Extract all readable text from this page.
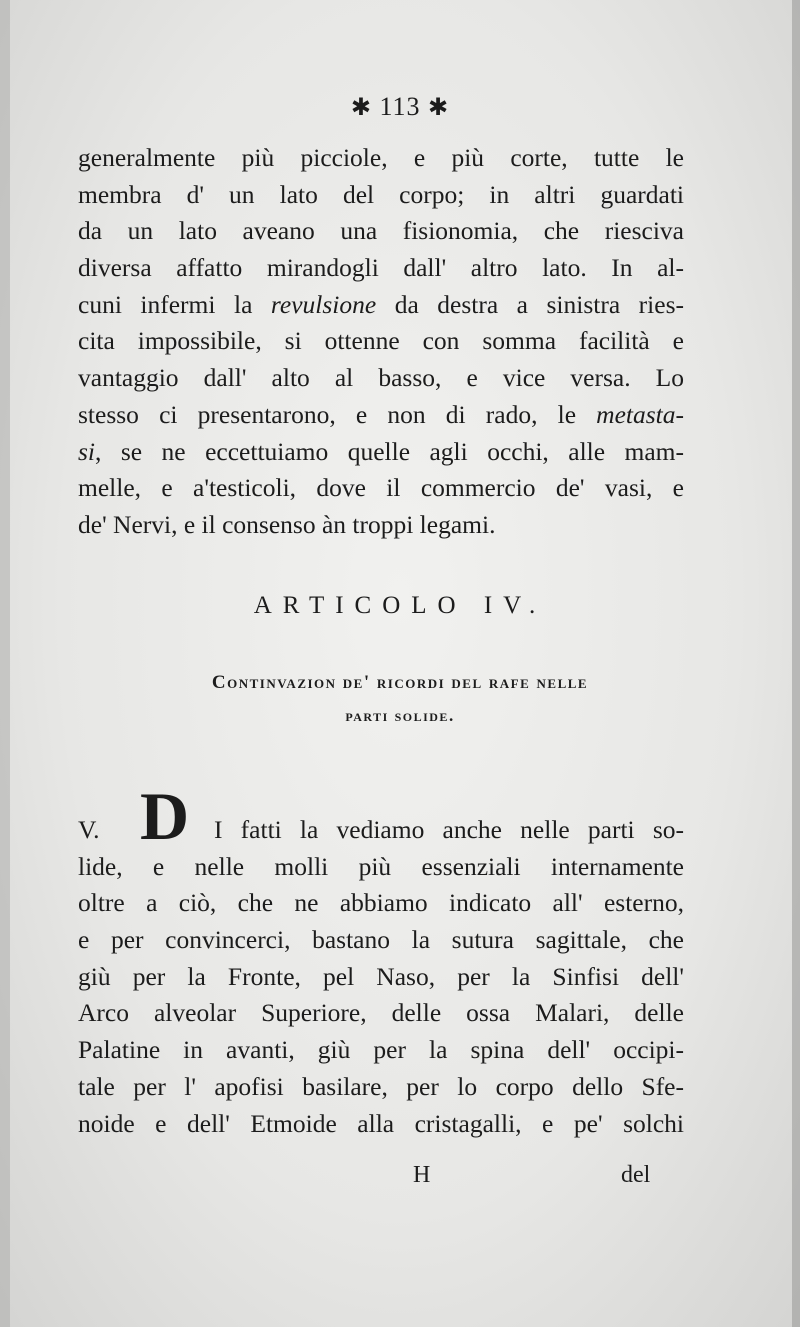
✱ 113 ✱
generalmente più picciole, e più corte, tutte le
membra d' un lato del corpo; in altri guardati
da un lato aveano una fisionomia, che riesciva
diversa affatto mirandogli dall' altro lato. In al-
cuni infermi la revulsione da destra a sinistra ries-
cita impossibile, si ottenne con somma facilità e
vantaggio dall' alto al basso, e vice versa. Lo
stesso ci presentarono, e non di rado, le metasta-
si, se ne eccettuiamo quelle agli occhi, alle mam-
melle, e a'testicoli, dove il commercio de' vasi, e
de' Nervi, e il consenso àn troppi legami.
ARTICOLO IV.
Continvazion de' ricordi del rafe nelle
parti solide.
V. D I fatti la vediamo anche nelle parti so-
lide, e nelle molli più essenziali internamente
oltre a ciò, che ne abbiamo indicato all' esterno,
e per convincerci, bastano la sutura sagittale, che
giù per la Fronte, pel Naso, per la Sinfisi dell'
Arco alveolar Superiore, delle ossa Malari, delle
Palatine in avanti, giù per la spina dell' occipi-
tale per l' apofisi basilare, per lo corpo dello Sfe-
noide e dell' Etmoide alla cristagalli, e pe' solchi
H	del
